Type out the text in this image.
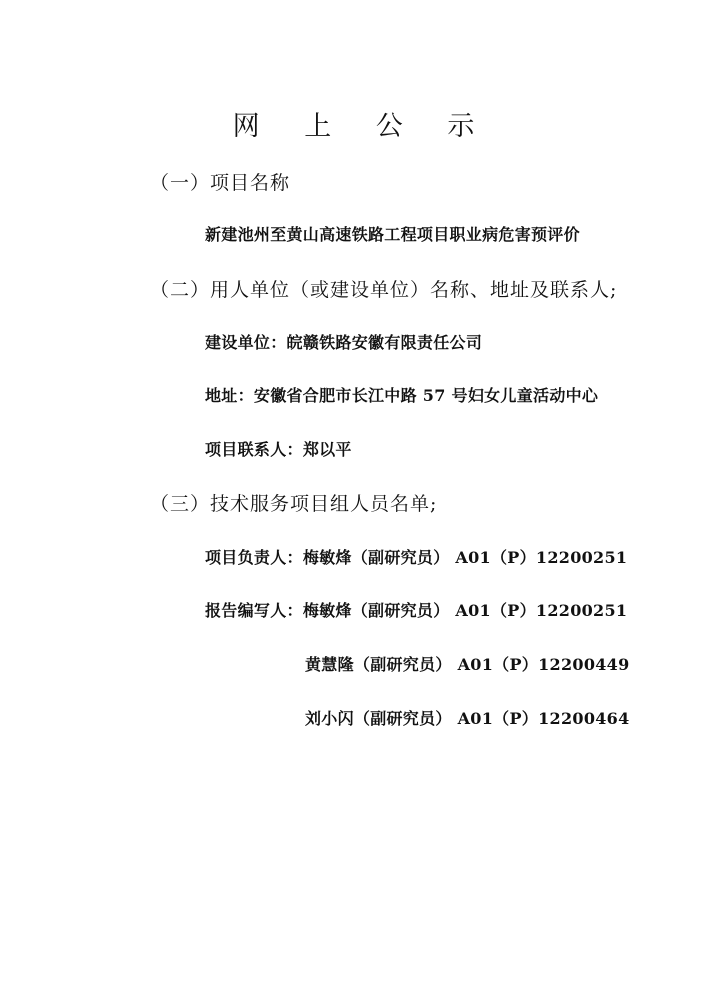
网 上 公 示
（一）项目名称
新建池州至黄山高速铁路工程项目职业病危害预评价
（二）用人单位（或建设单位）名称、地址及联系人;
建设单位：皖赣铁路安徽有限责任公司
地址：安徽省合肥市长江中路 57 号妇女儿童活动中心
项目联系人：郑以平
（三）技术服务项目组人员名单;
项目负责人：梅敏烽（副研究员） A01（P）12200251
报告编写人：梅敏烽（副研究员） A01（P）12200251
黄慧隆（副研究员） A01（P）12200449
刘小闪（副研究员） A01（P）12200464
